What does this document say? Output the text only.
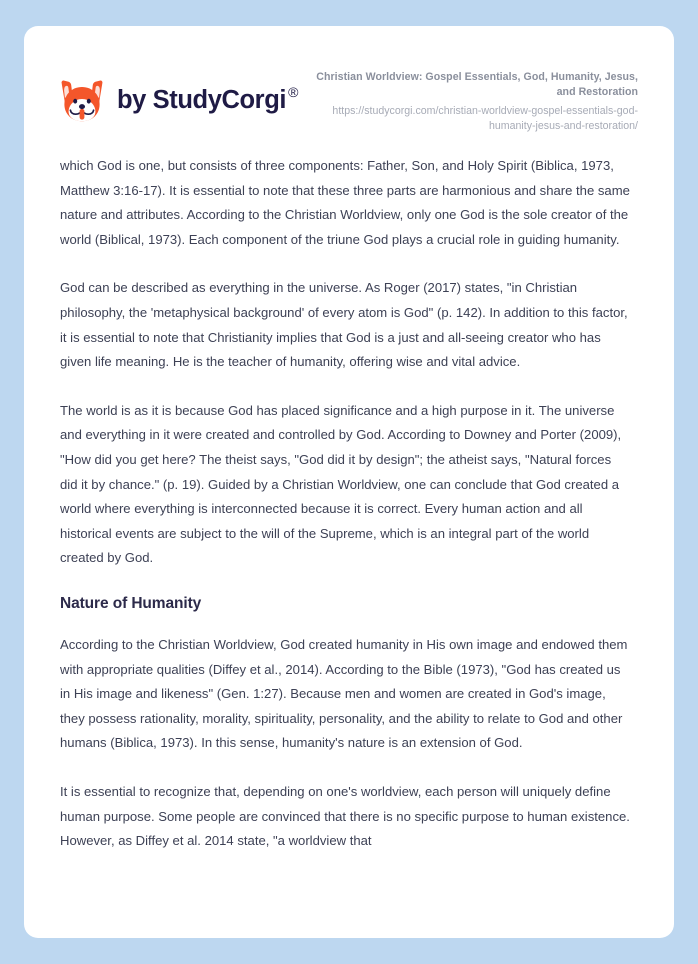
by StudyCorgi ®
Christian Worldview: Gospel Essentials, God, Humanity, Jesus, and Restoration
https://studycorgi.com/christian-worldview-gospel-essentials-god-humanity-jesus-and-restoration/

which God is one, but consists of three components: Father, Son, and Holy Spirit (Biblica, 1973, Matthew 3:16-17). It is essential to note that these three parts are harmonious and share the same nature and attributes. According to the Christian Worldview, only one God is the sole creator of the world (Biblical, 1973). Each component of the triune God plays a crucial role in guiding humanity.

God can be described as everything in the universe. As Roger (2017) states, "in Christian philosophy, the 'metaphysical background' of every atom is God" (p. 142). In addition to this factor, it is essential to note that Christianity implies that God is a just and all-seeing creator who has given life meaning. He is the teacher of humanity, offering wise and vital advice.

The world is as it is because God has placed significance and a high purpose in it. The universe and everything in it were created and controlled by God. According to Downey and Porter (2009), "How did you get here? The theist says, "God did it by design"; the atheist says, "Natural forces did it by chance." (p. 19). Guided by a Christian Worldview, one can conclude that God created a world where everything is interconnected because it is correct. Every human action and all historical events are subject to the will of the Supreme, which is an integral part of the world created by God.

Nature of Humanity

According to the Christian Worldview, God created humanity in His own image and endowed them with appropriate qualities (Diffey et al., 2014). According to the Bible (1973), "God has created us in His image and likeness" (Gen. 1:27). Because men and women are created in God's image, they possess rationality, morality, spirituality, personality, and the ability to relate to God and other humans (Biblica, 1973). In this sense, humanity's nature is an extension of God.

It is essential to recognize that, depending on one's worldview, each person will uniquely define human purpose. Some people are convinced that there is no specific purpose to human existence. However, as Diffey et al. 2014 state, "a worldview that
